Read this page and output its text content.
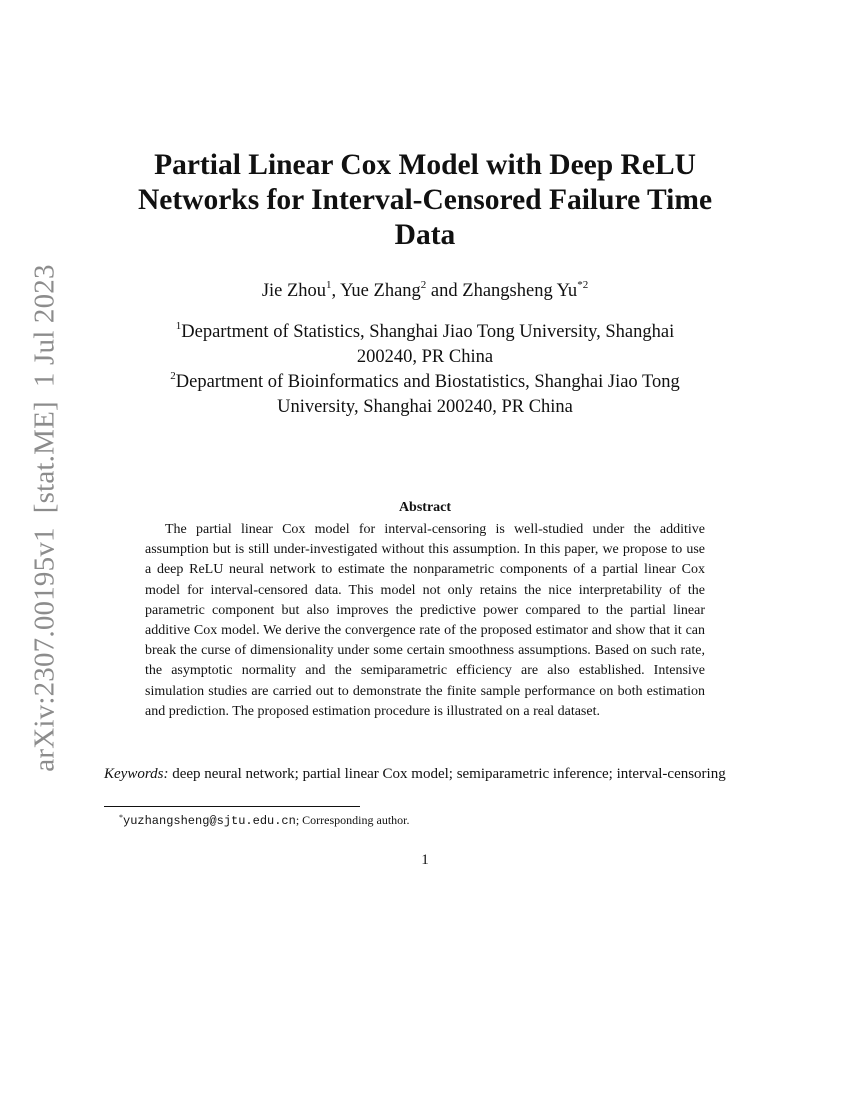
arXiv:2307.00195v1[stat.ME]1 Jul 2023
Partial Linear Cox Model with Deep ReLU
Networks for Interval-Censored Failure Time
Data
Jie Zhou$^1$, Yue Zhang$^2$ and Zhangsheng Yu$^{*2}$
$^1$Department of Statistics, Shanghai Jiao Tong University, Shanghai
200240, PR China
$^2$Department of Bioinformatics and Biostatistics, Shanghai Jiao Tong
University, Shanghai 200240, PR China
Abstract

The partial linear Cox model for interval-censoring is well-studied under the additive assumption but is still under-investigated without this assumption. In this paper, we propose to use a deep ReLU neural network to estimate the nonparametric components of a partial linear Cox model for interval-censored data. This model not only retains the nice interpretability of the parametric component but also improves the predictive power compared to the partial linear additive Cox model. We derive the convergence rate of the proposed estimator and show that it can break the curse of dimensionality under some certain smoothness assumptions. Based on such rate, the asymptotic normality and the semiparametric efficiency are also established. Intensive simulation studies are carried out to demonstrate the finite sample performance on both estimation and prediction. The proposed estimation procedure is illustrated on a real dataset.

Keywords: deep neural network; partial linear Cox model; semiparametric inference; interval-censoring

*yuzhangsheng@sjtu.edu.cn; Corresponding author.
1
